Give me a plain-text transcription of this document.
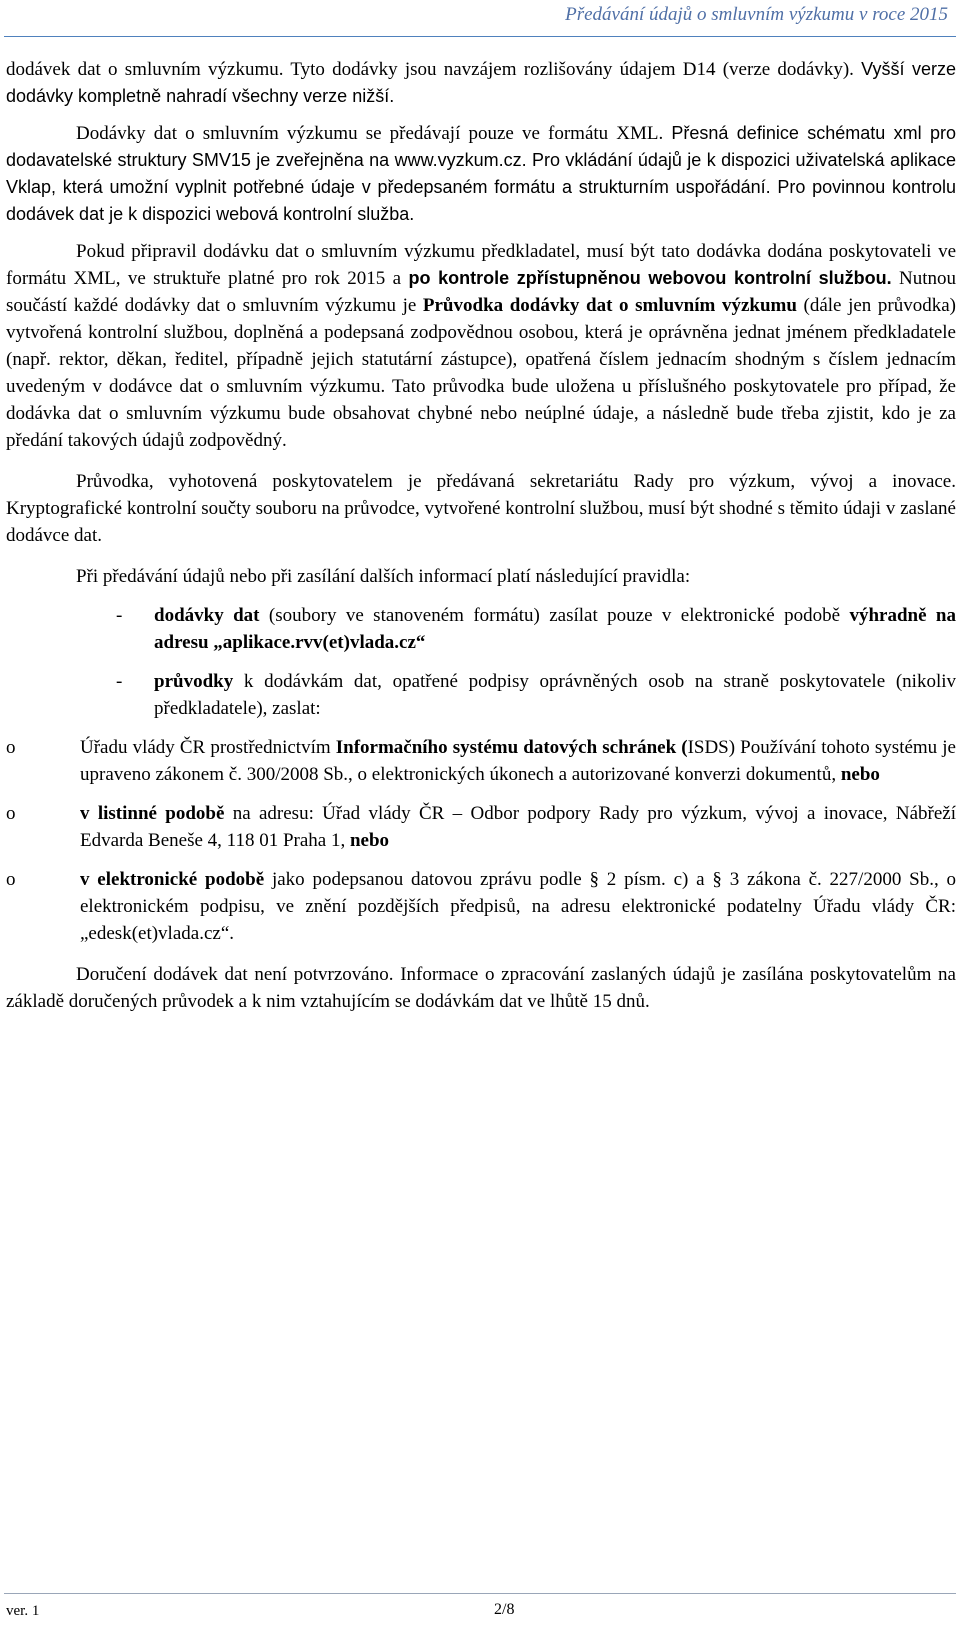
Předávání údajů o smluvním výzkumu v roce 2015

dodávek dat o smluvním výzkumu. Tyto dodávky jsou navzájem rozlišovány údajem D14 (verze dodávky). Vyšší verze dodávky kompletně nahradí všechny verze nižší.

Dodávky dat o smluvním výzkumu se předávají pouze ve formátu XML. Přesná definice schématu xml pro dodavatelské struktury SMV15 je zveřejněna na www.vyzkum.cz. Pro vkládání údajů je k dispozici uživatelská aplikace Vklap, která umožní vyplnit potřebné údaje v předepsaném formátu a strukturním uspořádání. Pro povinnou kontrolu dodávek dat je k dispozici webová kontrolní služba.

Pokud připravil dodávku dat o smluvním výzkumu předkladatel, musí být tato dodávka dodána poskytovateli ve formátu XML, ve struktuře platné pro rok 2015 a po kontrole zpřístupněnou webovou kontrolní službou. Nutnou součástí každé dodávky dat o smluvním výzkumu je Průvodka dodávky dat o smluvním výzkumu (dále jen průvodka) vytvořená kontrolní službou, doplněná a podepsaná zodpovědnou osobou, která je oprávněna jednat jménem předkladatele (např. rektor, děkan, ředitel, případně jejich statutární zástupce), opatřená číslem jednacím shodným s číslem jednacím uvedeným v dodávce dat o smluvním výzkumu. Tato průvodka bude uložena u příslušného poskytovatele pro případ, že dodávka dat o smluvním výzkumu bude obsahovat chybné nebo neúplné údaje, a následně bude třeba zjistit, kdo je za předání takových údajů zodpovědný.

Průvodka, vyhotovená poskytovatelem je předávaná sekretariátu Rady pro výzkum, vývoj a inovace. Kryptografické kontrolní součty souboru na průvodce, vytvořené kontrolní službou, musí být shodné s těmito údaji v zaslané dodávce dat.

Při předávání údajů nebo při zasílání dalších informací platí následující pravidla:

- dodávky dat (soubory ve stanoveném formátu) zasílat pouze v elektronické podobě výhradně na adresu „aplikace.rvv(et)vlada.cz“
- průvodky k dodávkám dat, opatřené podpisy oprávněných osob na straně poskytovatele (nikoliv předkladatele), zaslat:
o	Úřadu vlády ČR prostřednictvím Informačního systému datových schránek (ISDS) Používání tohoto systému je upraveno zákonem č. 300/2008 Sb., o elektronických úkonech a autorizované konverzi dokumentů, nebo
o	v listinné podobě na adresu: Úřad vlády ČR – Odbor podpory Rady pro výzkum, vývoj a inovace, Nábřeží Edvarda Beneše 4, 118 01 Praha 1, nebo
o	v elektronické podobě jako podepsanou datovou zprávu podle § 2 písm. c) a § 3 zákona č. 227/2000 Sb., o elektronickém podpisu, ve znění pozdějších předpisů, na adresu elektronické podatelny Úřadu vlády ČR: „edesk(et)vlada.cz“.

Doručení dodávek dat není potvrzováno. Informace o zpracování zaslaných údajů je zasílána poskytovatelům na základě doručených průvodek a k nim vztahujícím se dodávkám dat ve lhůtě 15 dnů.

ver. 1	2/8
